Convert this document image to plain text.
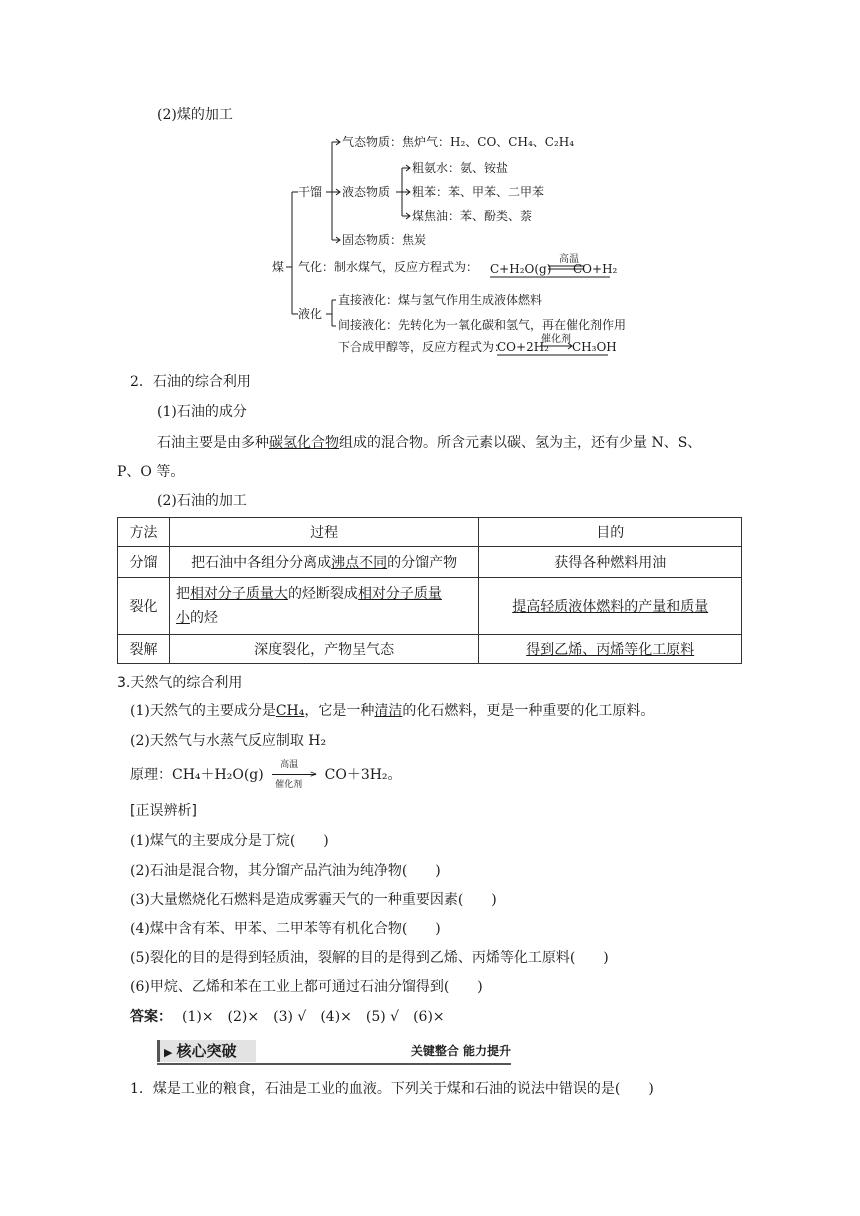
(2)煤的加工
煤
干馏
气化：制水煤气，反应方程式为： C+H₂O(g)
高温
CO+H₂
液化
直接液化：煤与氢气作用生成液体燃料
间接液化：先转化为一氧化碳和氢气，再在催化剂作用
下合成甲醇等，反应方程式为：
CO+2H₂
催化剂
CH₃OH
气态物质：焦炉气：H₂、CO、CH₄、C₂H₄
液态物质
固态物质：焦炭
粗氨水：氨、铵盐
粗苯：苯、甲苯、二甲苯
煤焦油：苯、酚类、萘
2．石油的综合利用
(1)石油的成分
石油主要是由多种碳氢化合物组成的混合物。所含元素以碳、氢为主，还有少量 N、S、
P、O 等。
(2)石油的加工
方法	过程	目的
分馏	把石油中各组分分离成沸点不同的分馏产物	获得各种燃料用油
裂化	把相对分子质量大的烃断裂成相对分子质量
小的烃	提高轻质液体燃料的产量和质量
裂解	深度裂化，产物呈气态	得到乙烯、丙烯等化工原料
3.天然气的综合利用
(1)天然气的主要成分是CH₄，它是一种清洁的化石燃料，更是一种重要的化工原料。
(2)天然气与水蒸气反应制取 H₂
原理：CH₄＋H₂O(g)
高温
>
催化剂
CO＋3H₂。
[正误辨析]
(1)煤气的主要成分是丁烷(　　)
(2)石油是混合物，其分馏产品汽油为纯净物(　　)
(3)大量燃烧化石燃料是造成雾霾天气的一种重要因素(　　)
(4)煤中含有苯、甲苯、二甲苯等有机化合物(　　)
(5)裂化的目的是得到轻质油，裂解的目的是得到乙烯、丙烯等化工原料(　　)
(6)甲烷、乙烯和苯在工业上都可通过石油分馏得到(　　)
答案： (1)×　(2)×　(3) √　(4)×　(5) √　(6)×
▶ 核心突破	关键整合 能力提升
1．煤是工业的粮食，石油是工业的血液。下列关于煤和石油的说法中错误的是(　　)
